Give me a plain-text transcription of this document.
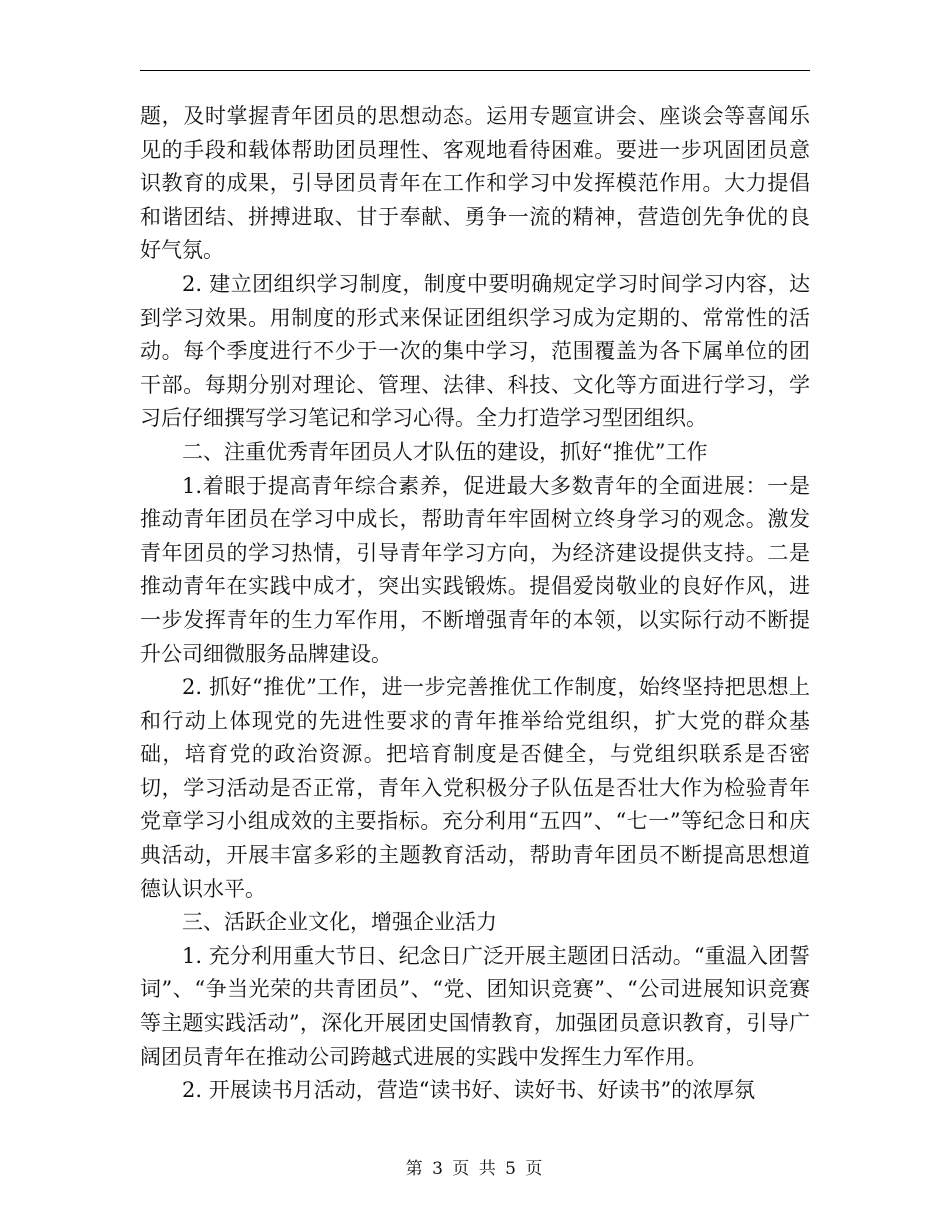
题，及时掌握青年团员的思想动态。运用专题宣讲会、座谈会等喜闻乐见的手段和载体帮助团员理性、客观地看待困难。要进一步巩固团员意识教育的成果，引导团员青年在工作和学习中发挥模范作用。大力提倡和谐团结、拼搏进取、甘于奉献、勇争一流的精神，营造创先争优的良好气氛。

2. 建立团组织学习制度，制度中要明确规定学习时间学习内容，达到学习效果。用制度的形式来保证团组织学习成为定期的、常常性的活动。每个季度进行不少于一次的集中学习，范围覆盖为各下属单位的团干部。每期分别对理论、管理、法律、科技、文化等方面进行学习，学习后仔细撰写学习笔记和学习心得。全力打造学习型团组织。

二、注重优秀青年团员人才队伍的建设，抓好“推优”工作

1.着眼于提高青年综合素养，促进最大多数青年的全面进展：一是推动青年团员在学习中成长，帮助青年牢固树立终身学习的观念。激发青年团员的学习热情，引导青年学习方向，为经济建设提供支持。二是推动青年在实践中成才，突出实践锻炼。提倡爱岗敬业的良好作风，进一步发挥青年的生力军作用，不断增强青年的本领，以实际行动不断提升公司细微服务品牌建设。

2. 抓好“推优”工作，进一步完善推优工作制度，始终坚持把思想上和行动上体现党的先进性要求的青年推举给党组织，扩大党的群众基础，培育党的政治资源。把培育制度是否健全，与党组织联系是否密切，学习活动是否正常，青年入党积极分子队伍是否壮大作为检验青年党章学习小组成效的主要指标。充分利用“五四”、“七一”等纪念日和庆典活动，开展丰富多彩的主题教育活动，帮助青年团员不断提高思想道德认识水平。

三、活跃企业文化，增强企业活力

1. 充分利用重大节日、纪念日广泛开展主题团日活动。“重温入团誓词”、“争当光荣的共青团员”、“党、团知识竞赛”、“公司进展知识竞赛等主题实践活动”，深化开展团史国情教育，加强团员意识教育，引导广阔团员青年在推动公司跨越式进展的实践中发挥生力军作用。

2. 开展读书月活动，营造“读书好、读好书、好读书”的浓厚氛

第 3 页 共 5 页
